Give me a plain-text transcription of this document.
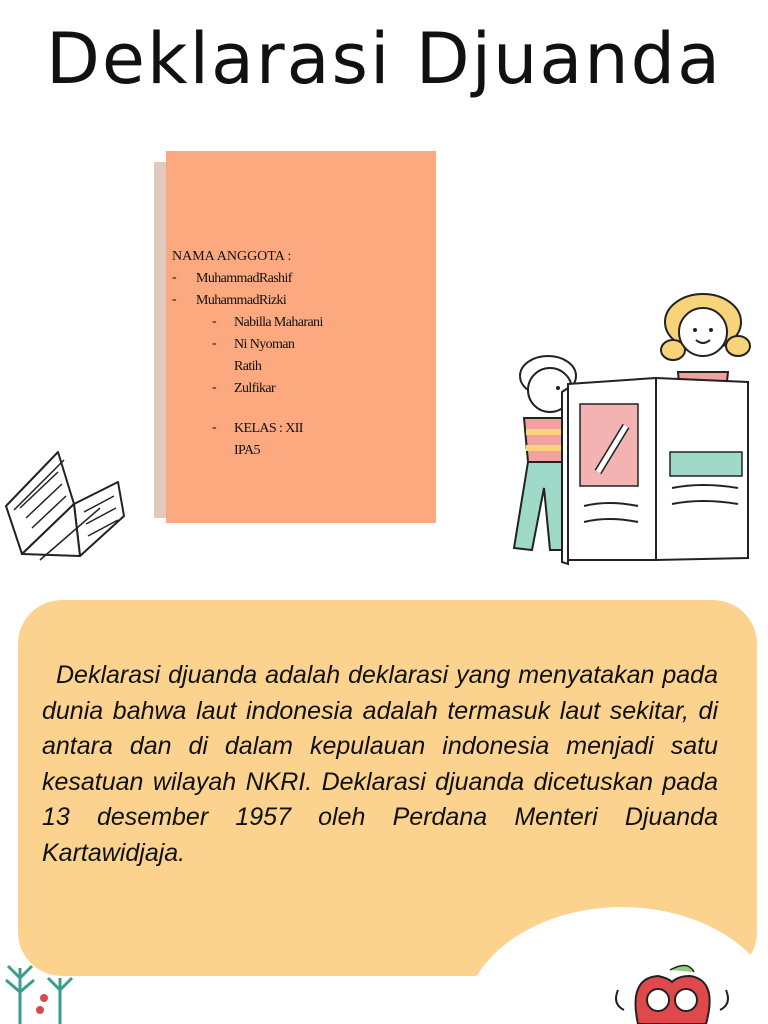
Deklarasi Djuanda
NAMA ANGGOTA :
- MuhammadRashif
- MuhammadRizki
- Nabilla Maharani
- Ni Nyoman Ratih
- Zulfikar
- KELAS : XII IPA5

Deklarasi djuanda adalah deklarasi yang menyatakan pada dunia bahwa laut indonesia adalah termasuk laut sekitar, di antara dan di dalam kepulauan indonesia menjadi satu kesatuan wilayah NKRI. Deklarasi djuanda dicetuskan pada 13 desember 1957 oleh Perdana Menteri Djuanda Kartawidjaja.
